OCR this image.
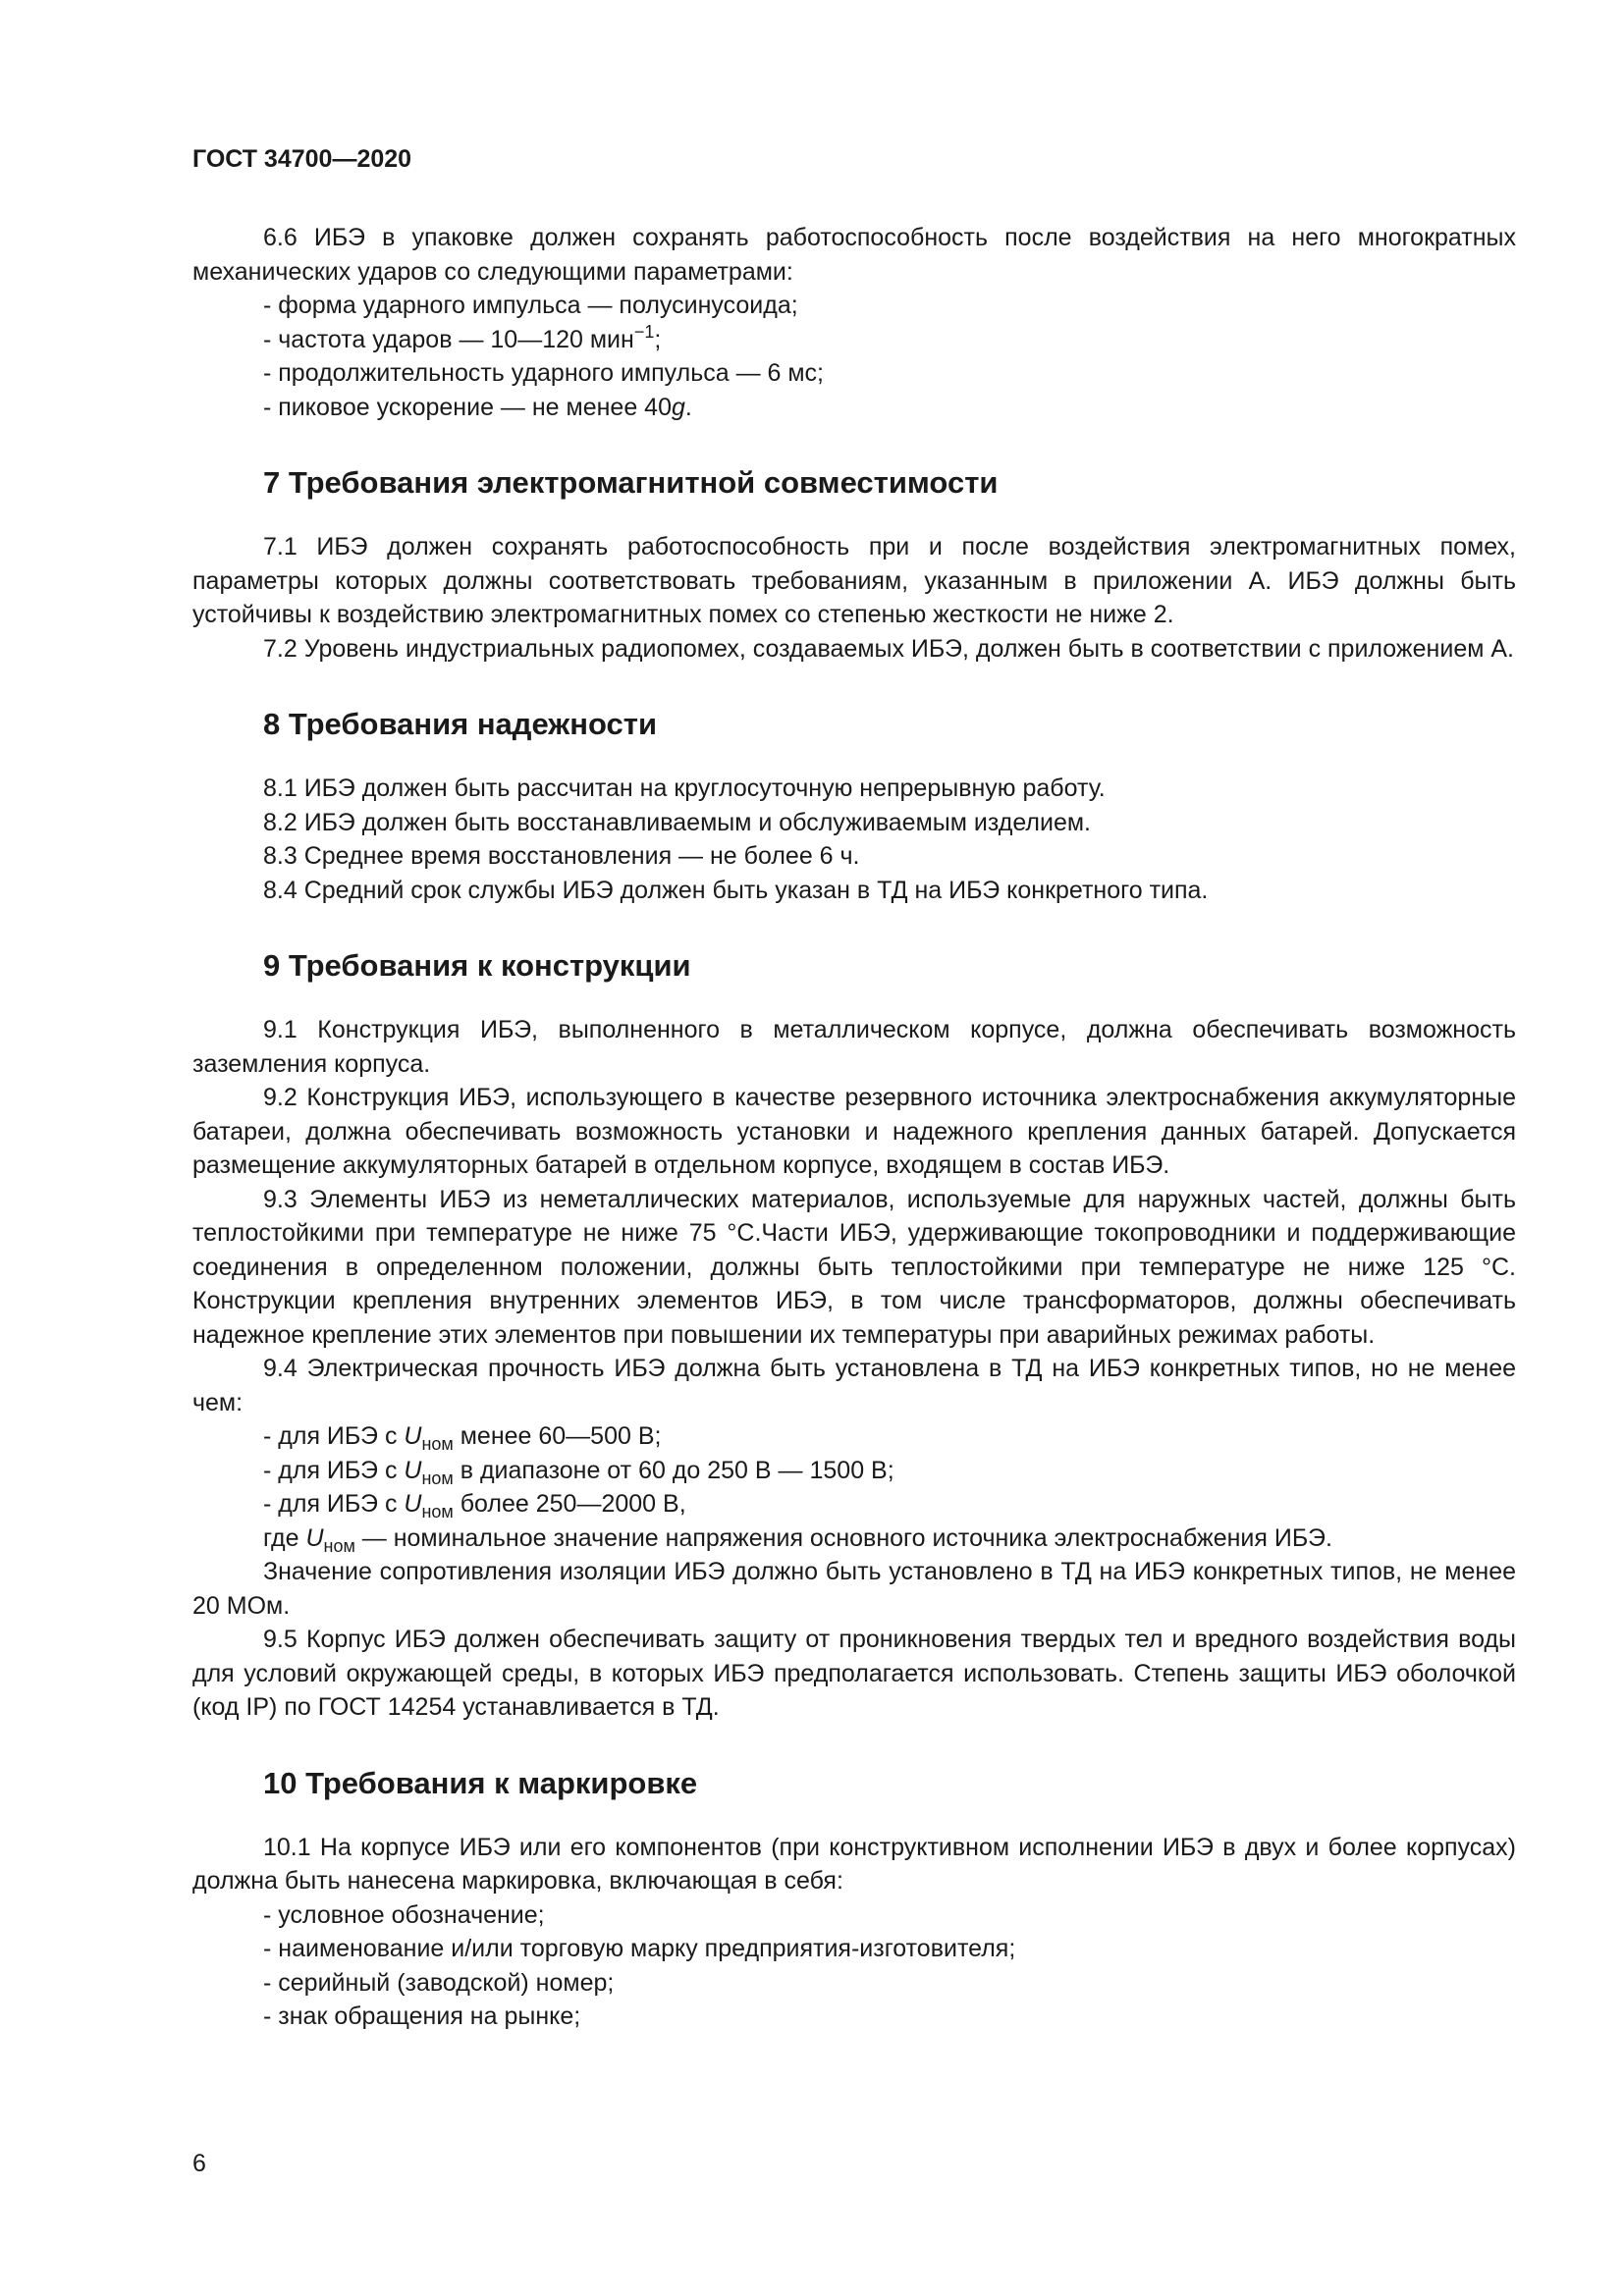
ГОСТ 34700—2020

6.6 ИБЭ в упаковке должен сохранять работоспособность после воздействия на него многократных механических ударов со следующими параметрами:

- форма ударного импульса — полусинусоида;
- частота ударов — 10—120 мин$^{-1}$;
- продолжительность ударного импульса — 6 мс;
- пиковое ускорение — не менее 40g.
7 Требования электромагнитной совместимости

7.1 ИБЭ должен сохранять работоспособность при и после воздействия электромагнитных помех, параметры которых должны соответствовать требованиям, указанным в приложении А. ИБЭ должны быть устойчивы к воздействию электромагнитных помех со степенью жесткости не ниже 2.

7.2 Уровень индустриальных радиопомех, создаваемых ИБЭ, должен быть в соответствии с приложением А.

8 Требования надежности
8.1 ИБЭ должен быть рассчитан на круглосуточную непрерывную работу.
8.2 ИБЭ должен быть восстанавливаемым и обслуживаемым изделием.
8.3 Среднее время восстановления — не более 6 ч.
8.4 Средний срок службы ИБЭ должен быть указан в ТД на ИБЭ конкретного типа.
9 Требования к конструкции

9.1 Конструкция ИБЭ, выполненного в металлическом корпусе, должна обеспечивать возможность заземления корпуса.

9.2 Конструкция ИБЭ, использующего в качестве резервного источника электроснабжения аккумуляторные батареи, должна обеспечивать возможность установки и надежного крепления данных батарей. Допускается размещение аккумуляторных батарей в отдельном корпусе, входящем в состав ИБЭ.

9.3 Элементы ИБЭ из неметаллических материалов, используемые для наружных частей, должны быть теплостойкими при температуре не ниже 75 °С.Части ИБЭ, удерживающие токопроводники и поддерживающие соединения в определенном положении, должны быть теплостойкими при температуре не ниже 125 °С. Конструкции крепления внутренних элементов ИБЭ, в том числе трансформаторов, должны обеспечивать надежное крепление этих элементов при повышении их температуры при аварийных режимах работы.

9.4 Электрическая прочность ИБЭ должна быть установлена в ТД на ИБЭ конкретных типов, но не менее чем:

- для ИБЭ с $U_{ном}$ менее 60—500 В;
- для ИБЭ с $U_{ном}$ в диапазоне от 60 до 250 В — 1500 В;
- для ИБЭ с $U_{ном}$ более 250—2000 В,
где $U_{ном}$ — номинальное значение напряжения основного источника электроснабжения ИБЭ.

Значение сопротивления изоляции ИБЭ должно быть установлено в ТД на ИБЭ конкретных типов, не менее 20 МОм.

9.5 Корпус ИБЭ должен обеспечивать защиту от проникновения твердых тел и вредного воздействия воды для условий окружающей среды, в которых ИБЭ предполагается использовать. Степень защиты ИБЭ оболочкой (код IP) по ГОСТ 14254 устанавливается в ТД.

10 Требования к маркировке

10.1 На корпусе ИБЭ или его компонентов (при конструктивном исполнении ИБЭ в двух и более корпусах) должна быть нанесена маркировка, включающая в себя:

- условное обозначение;
- наименование и/или торговую марку предприятия-изготовителя;
- серийный (заводской) номер;
- знак обращения на рынке;
6
